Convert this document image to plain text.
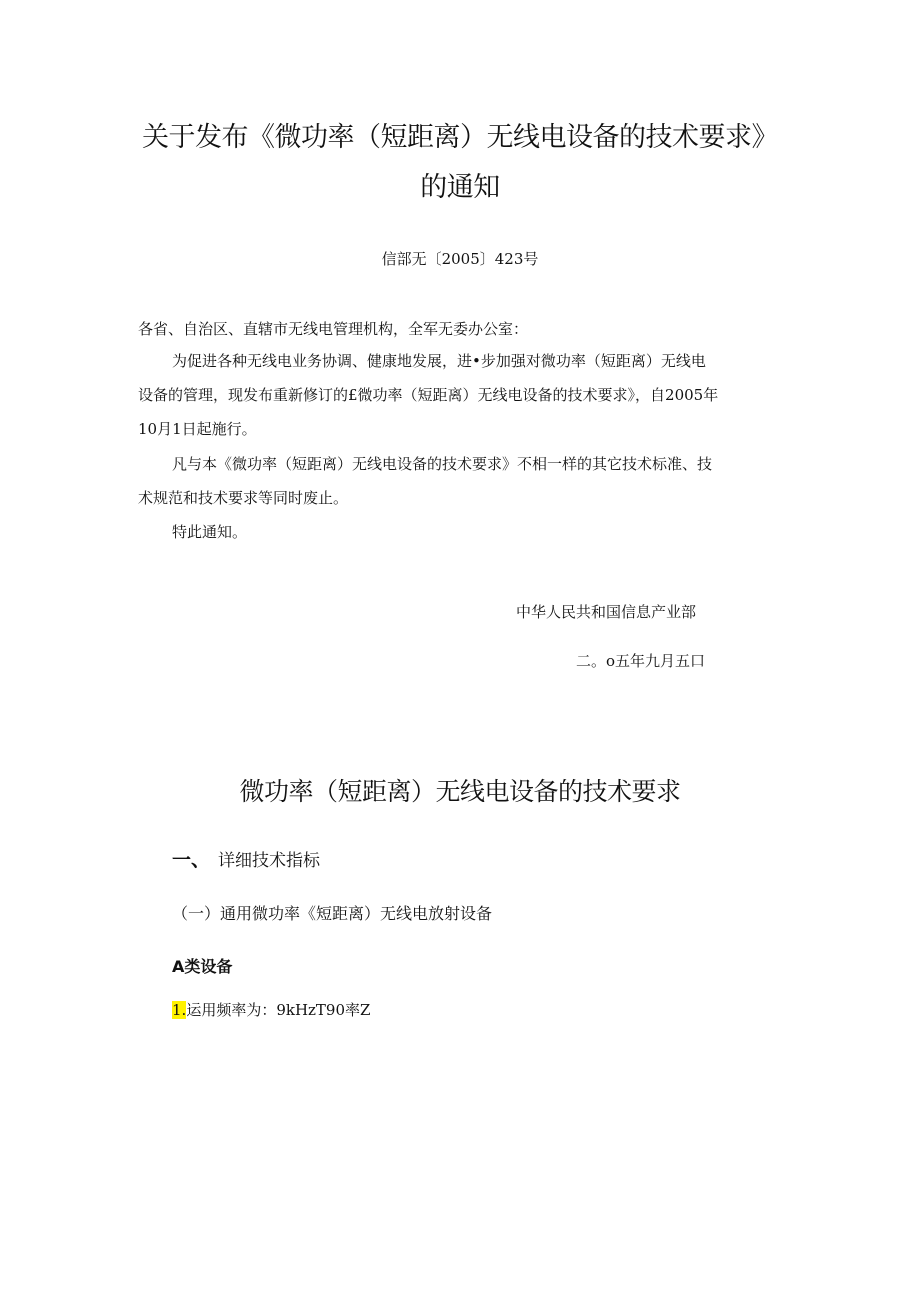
关于发布《微功率（短距离）无线电设备的技术要求》
的通知
信部无〔2005〕423号
各省、自治区、直辖市无线电管理机构，全军无委办公室：
为促进各种无线电业务协调、健康地发展，进•步加强对微功率（短距离）无线电
设备的管理，现发布重新修订的£微功率（短距离）无线电设备的技术要求》，自2005年
10月1日起施行。
凡与本《微功率（短距离）无线电设备的技术要求》不相一样的其它技术标准、技
术规范和技术要求等同时废止。
特此通知。
中华人民共和国信息产业部
二。o五年九月五口
微功率（短距离）无线电设备的技术要求
一、 详细技术指标
（一）通用微功率《短距离）无线电放射设备
A类设备
1.运用频率为：9kHzT90率Z
